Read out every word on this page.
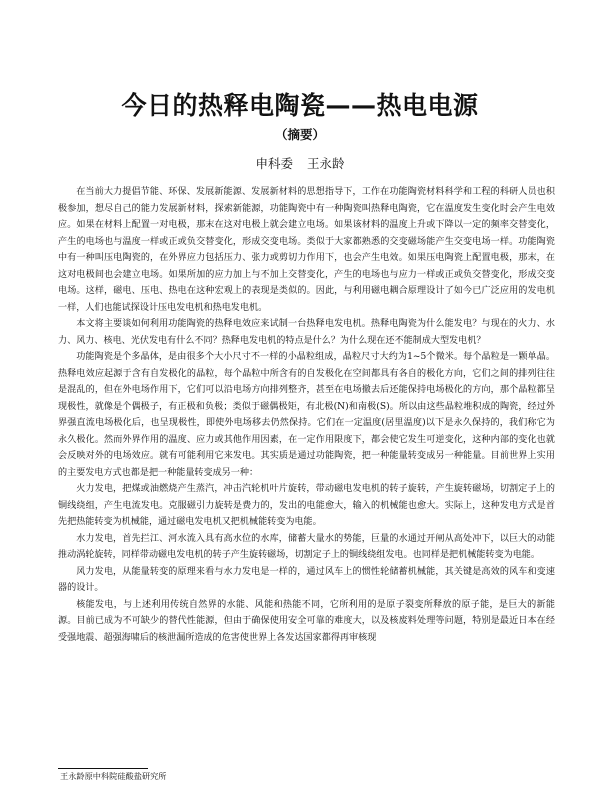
今日的热释电陶瓷——热电电源

（摘要）

申科委 王永龄

在当前大力提倡节能、环保、发展新能源、发展新材料的思想指导下，工作在功能陶瓷材料科学和工程的科研人员也积极参加，想尽自己的能力发展新材料，探索新能源，功能陶瓷中有一种陶瓷叫热释电陶瓷，它在温度发生变化时会产生电效应。如果在材料上配置一对电极，那末在这对电极上就会建立电场。如果该材料的温度上升或下降以一定的频率交替变化，产生的电场也与温度一样或正或负交替变化，形成交变电场。类似于大家都熟悉的交变磁场能产生交变电场一样。功能陶瓷中有一种叫压电陶瓷的，在外界应力包括压力、张力或剪切力作用下，也会产生电效。如果压电陶瓷上配置电极，那末，在这对电极间也会建立电场。如果所加的应力加上与不加上交替变化，产生的电场也与应力一样或正或负交替变化，形成交变电场。这样，磁电、压电、热电在这种宏观上的表现是类似的。因此，与利用磁电耦合原理设计了如今已广泛应用的发电机一样，人们也能试探设计压电发电机和热电发电机。

本文将主要谈如何利用功能陶瓷的热释电效应来试制一台热释电发电机。热释电陶瓷为什么能发电？与现在的火力、水力、风力、核电、光伏发电有什么不同？热释电发电机的特点是什么？为什么现在还不能制成大型发电机？

功能陶瓷是个多晶体，是由很多个大小尺寸不一样的小晶粒组成，晶粒尺寸大约为1~5个微米。每个晶粒是一颗单晶。热释电效应起源于含有自发极化的晶粒，每个晶粒中所含有的自发极化在空间都具有各自的极化方向，它们之间的排列往往是混乱的，但在外电场作用下，它们可以沿电场方向排列整齐，甚至在电场撤去后还能保持电场极化的方向，那个晶粒都呈现极性，就像是个偶极子，有正极和负极；类似于磁偶极矩，有北极(N)和南极(S)。所以由这些晶粒堆积成的陶瓷，经过外界强直流电场极化后，也呈现极性，即使外电场移去仍然保持。它们在一定温度(居里温度)以下是永久保持的，我们称它为永久极化。然而外界作用的温度、应力或其他作用因素，在一定作用限度下，都会使它发生可逆变化，这种内部的变化也就会反映对外的电场效应。就有可能利用它来发电。其实质是通过功能陶瓷，把一种能量转变成另一种能量。目前世界上实用的主要发电方式也都是把一种能量转变成另一种：

火力发电，把煤或油燃烧产生蒸汽，冲击汽轮机叶片旋转，带动磁电发电机的转子旋转，产生旋转磁场，切割定子上的铜线绕组，产生电流发电。克服磁引力旋转是费力的，发出的电能愈大，输入的机械能也愈大。实际上，这种发电方式是首先把热能转变为机械能，通过磁电发电机又把机械能转变为电能。

水力发电，首先拦江、河水流入具有高水位的水库，储蓄大量水的势能，巨量的水通过开闸从高处冲下，以巨大的动能推动涡轮旋转，同样带动磁电发电机的转子产生旋转磁场，切割定子上的铜线绕组发电。也同样是把机械能转变为电能。

风力发电，从能量转变的原理来看与水力发电是一样的，通过风车上的惯性轮储蓄机械能，其关键是高效的风车和变速器的设计。

核能发电，与上述利用传统自然界的水能、风能和热能不同，它所利用的是原子裂变所释放的原子能，是巨大的新能源。目前已成为不可缺少的替代性能源，但由于确保使用安全可靠的难度大，以及核废料处理等问题，特别是最近日本在经受强地震、超强海啸后的核泄漏所造成的危害使世界上各发达国家都得再审核现

王永龄原中科院硅酸盐研究所
